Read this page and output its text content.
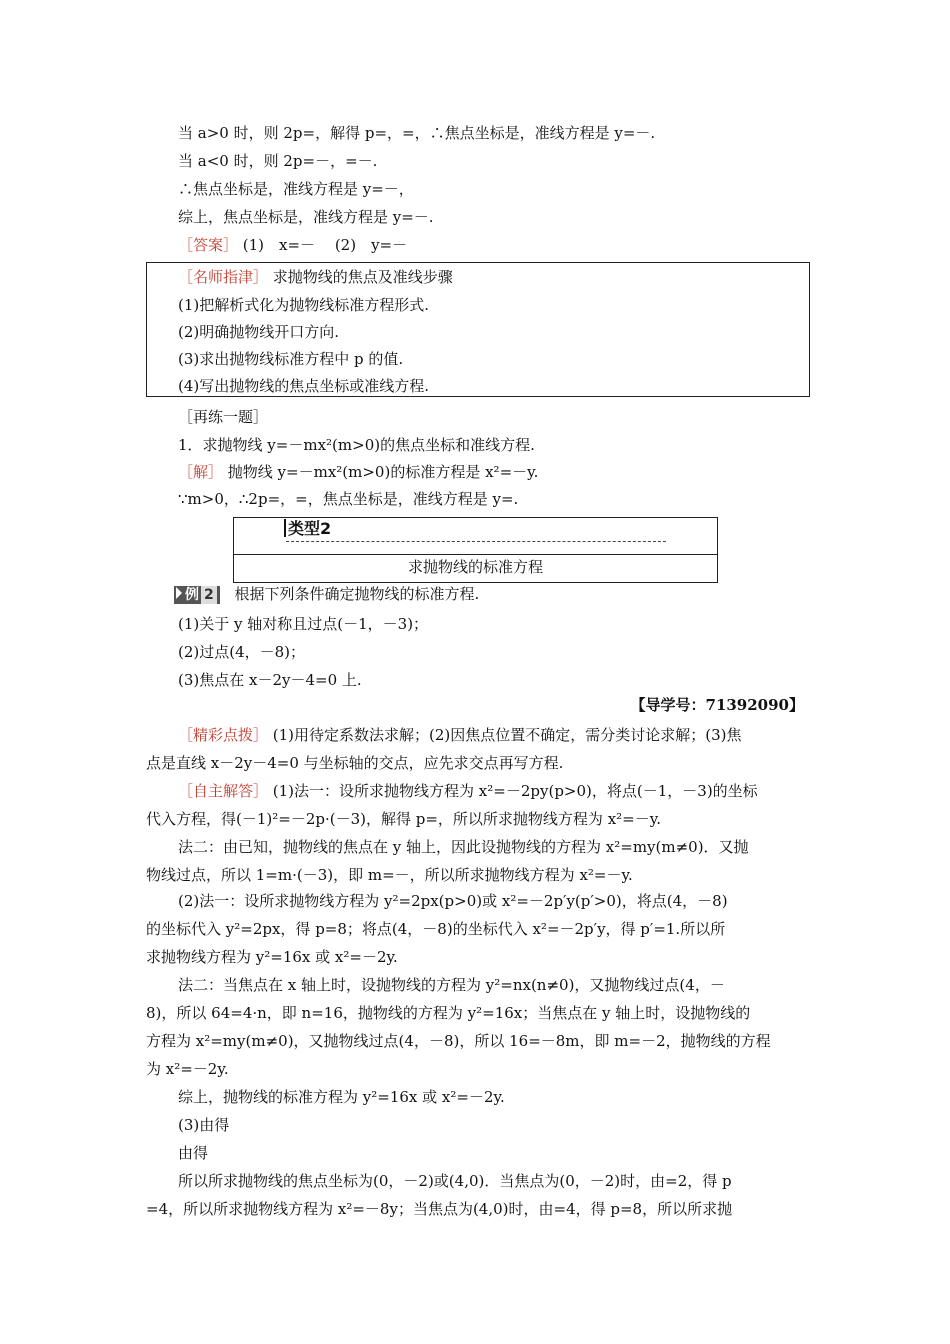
当 a>0 时，则 2p=，解得 p=，=，∴焦点坐标是，准线方程是 y=－.
当 a<0 时，则 2p=－，=－.
∴焦点坐标是，准线方程是 y=－，
综上，焦点坐标是，准线方程是 y=－.
［答案］ (1)　x=－　 (2)　y=－
［名师指津］ 求抛物线的焦点及准线步骤
(1)把解析式化为抛物线标准方程形式.
(2)明确抛物线开口方向.
(3)求出抛物线标准方程中 p 的值.
(4)写出抛物线的焦点坐标或准线方程.
［再练一题］
1．求抛物线 y=－mx²(m>0)的焦点坐标和准线方程.
［解］ 抛物线 y=－mx²(m>0)的标准方程是 x²=－y.
∵m>0，∴2p=，=，焦点坐标是，准线方程是 y=.
类型2
求抛物线的标准方程
例 2 根据下列条件确定抛物线的标准方程.
(1)关于 y 轴对称且过点(－1，－3)；
(2)过点(4，－8)；
(3)焦点在 x－2y－4=0 上.
【导学号：71392090】
［精彩点拨］ (1)用待定系数法求解；(2)因焦点位置不确定，需分类讨论求解；(3)焦
点是直线 x－2y－4=0 与坐标轴的交点，应先求交点再写方程.
［自主解答］ (1)法一：设所求抛物线方程为 x²=－2py(p>0)，将点(－1，－3)的坐标
代入方程，得(－1)²=－2p·(－3)，解得 p=，所以所求抛物线方程为 x²=－y.
法二：由已知，抛物线的焦点在 y 轴上，因此设抛物线的方程为 x²=my(m≠0)．又抛
物线过点，所以 1=m·(－3)，即 m=－，所以所求抛物线方程为 x²=－y.
(2)法一：设所求抛物线方程为 y²=2px(p>0)或 x²=－2p′y(p′>0)，将点(4，－8)
的坐标代入 y²=2px，得 p=8；将点(4，－8)的坐标代入 x²=－2p′y，得 p′=1.所以所
求抛物线方程为 y²=16x 或 x²=－2y.
法二：当焦点在 x 轴上时，设抛物线的方程为 y²=nx(n≠0)，又抛物线过点(4，－
8)，所以 64=4·n，即 n=16，抛物线的方程为 y²=16x；当焦点在 y 轴上时，设抛物线的
方程为 x²=my(m≠0)，又抛物线过点(4，－8)，所以 16=－8m，即 m=－2，抛物线的方程
为 x²=－2y.
综上，抛物线的标准方程为 y²=16x 或 x²=－2y.
(3)由得
由得
所以所求抛物线的焦点坐标为(0，－2)或(4,0)．当焦点为(0，－2)时，由=2，得 p
=4，所以所求抛物线方程为 x²=－8y；当焦点为(4,0)时，由=4，得 p=8，所以所求抛
